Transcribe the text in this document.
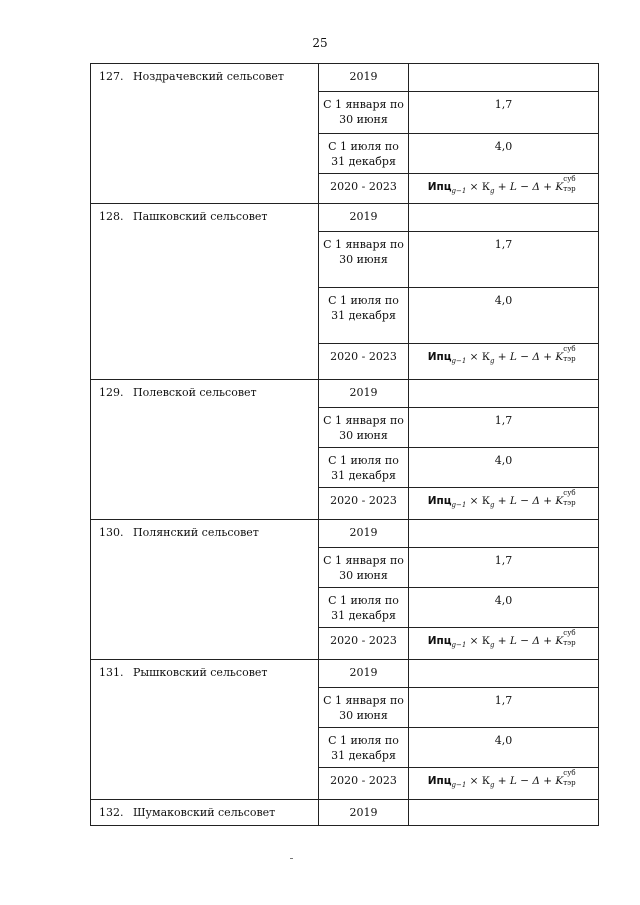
25
127. Ноздрачевский сельсовет	2019	
	С 1 января по
30 июня	1,7
	С 1 июля по
31 декабря	4,0
	2020 - 2023	$Ипц_{g-1} \times К_g + L - \Delta + K$
суб
тэр

128. Пашковский сельсовет	2019	
	С 1 января по
30 июня	1,7
	С 1 июля по
31 декабря	4,0
	2020 - 2023	$Ипц_{g-1} \times К_g + L - \Delta + K$
суб
тэр

129. Полевской сельсовет	2019	
	С 1 января по
30 июня	1,7
	С 1 июля по
31 декабря	4,0
	2020 - 2023	$Ипц_{g-1} \times К_g + L - \Delta + K$
суб
тэр

130. Полянский сельсовет	2019	
	С 1 января по
30 июня	1,7
	С 1 июля по
31 декабря	4,0
	2020 - 2023	$Ипц_{g-1} \times К_g + L - \Delta + K$
суб
тэр

131. Рышковский сельсовет	2019	
	С 1 января по
30 июня	1,7
	С 1 июля по
31 декабря	4,0
	2020 - 2023	$Ипц_{g-1} \times К_g + L - \Delta + K$
суб
тэр

132. Шумаковский сельсовет	2019	
